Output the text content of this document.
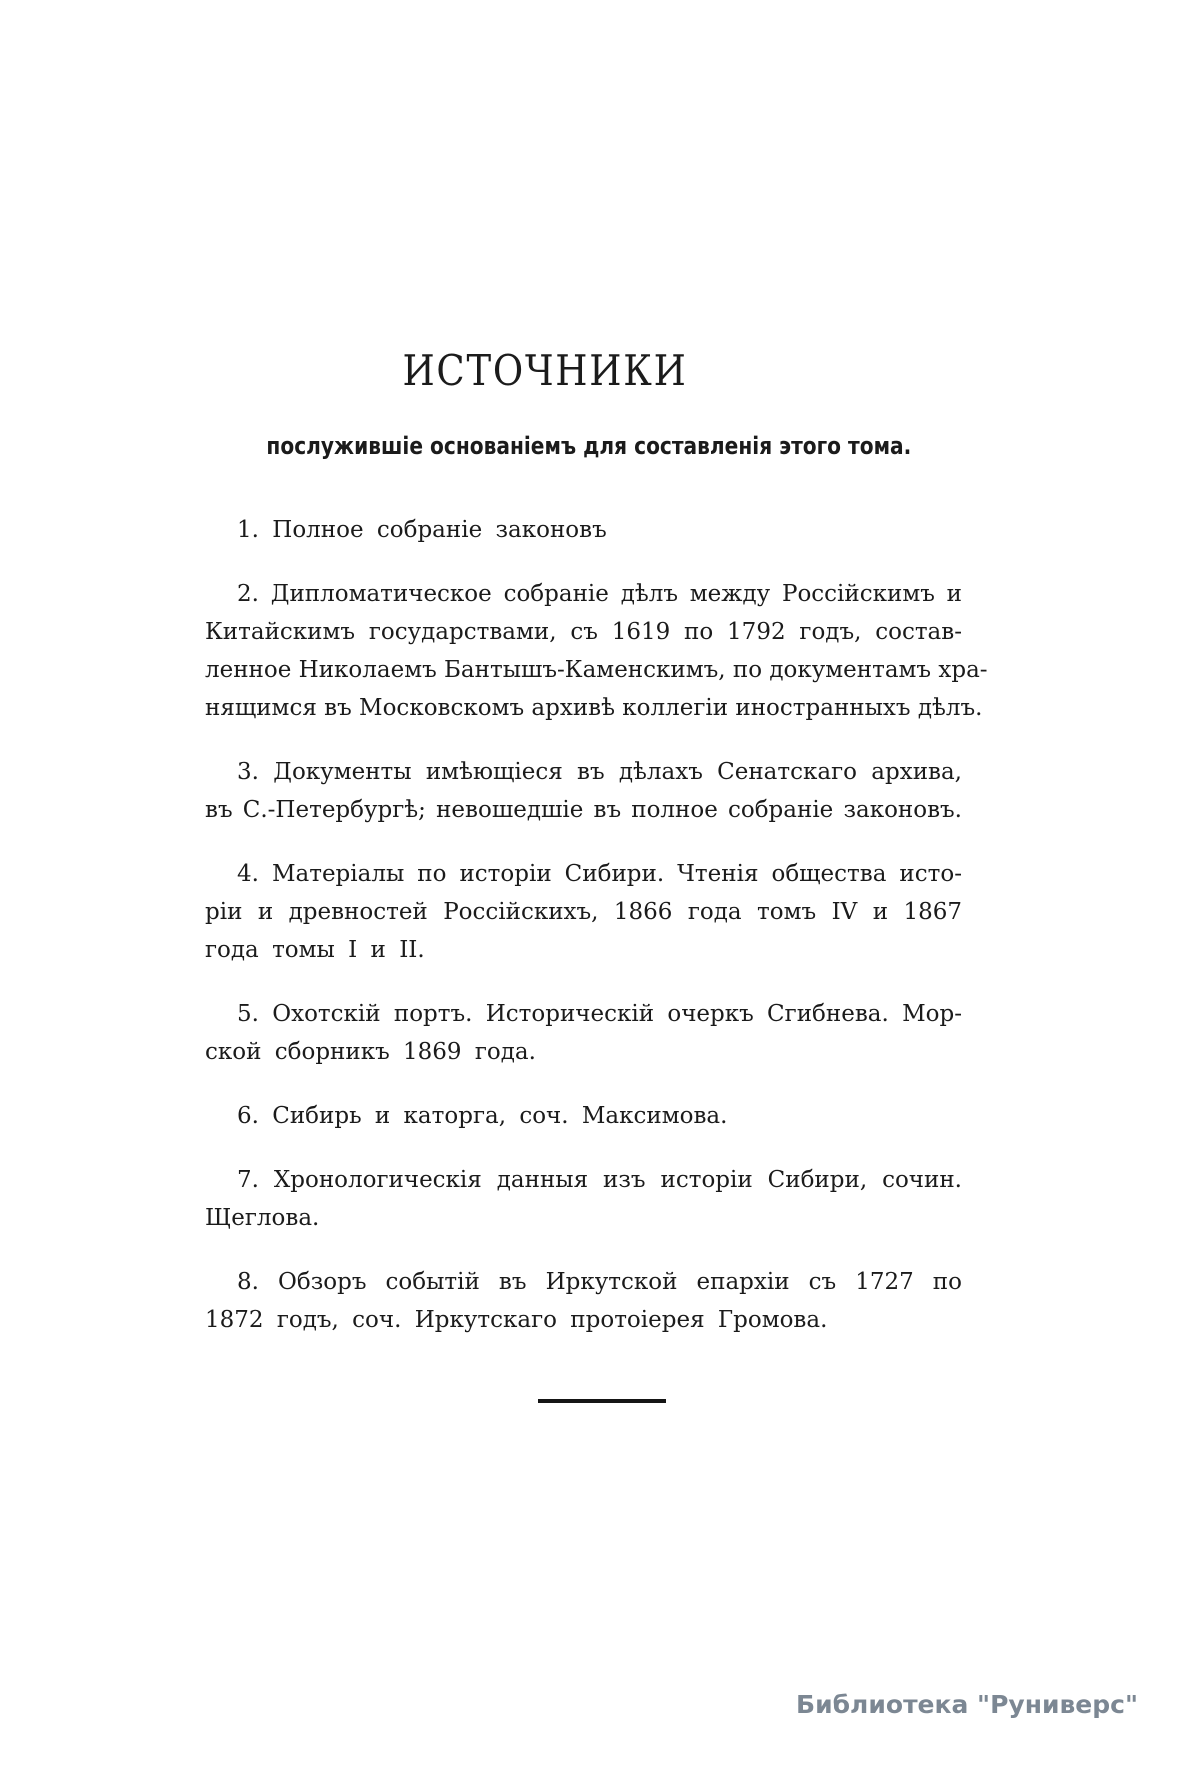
ИСТОЧНИКИ
послужившіе основаніемъ для составленія этого тома.
1. Полное собраніе законовъ
2. Дипломатическое собраніе дѣлъ между Россійскимъ и
Китайскимъ государствами, съ 1619 по 1792 годъ, состав-
ленное Николаемъ Бантышъ-Каменскимъ, по документамъ хра-
нящимся въ Московскомъ архивѣ коллегіи иностранныхъ дѣлъ.
3. Документы имѣющіеся въ дѣлахъ Сенатскаго архива,
въ С.-Петербургѣ; невошедшіе въ полное собраніе законовъ.
4. Матеріалы по исторіи Сибири. Чтенія общества исто-
ріи и древностей Россійскихъ, 1866 года томъ IV и 1867
года томы I и II.
5. Охотскій портъ. Историческій очеркъ Сгибнева. Мор-
ской сборникъ 1869 года.
6. Сибирь и каторга, соч. Максимова.
7. Хронологическія данныя изъ исторіи Сибири, сочин.
Щеглова.
8. Обзоръ событій въ Иркутской епархіи съ 1727 по
1872 годъ, соч. Иркутскаго протоіерея Громова.
Библиотека "Руниверс"
